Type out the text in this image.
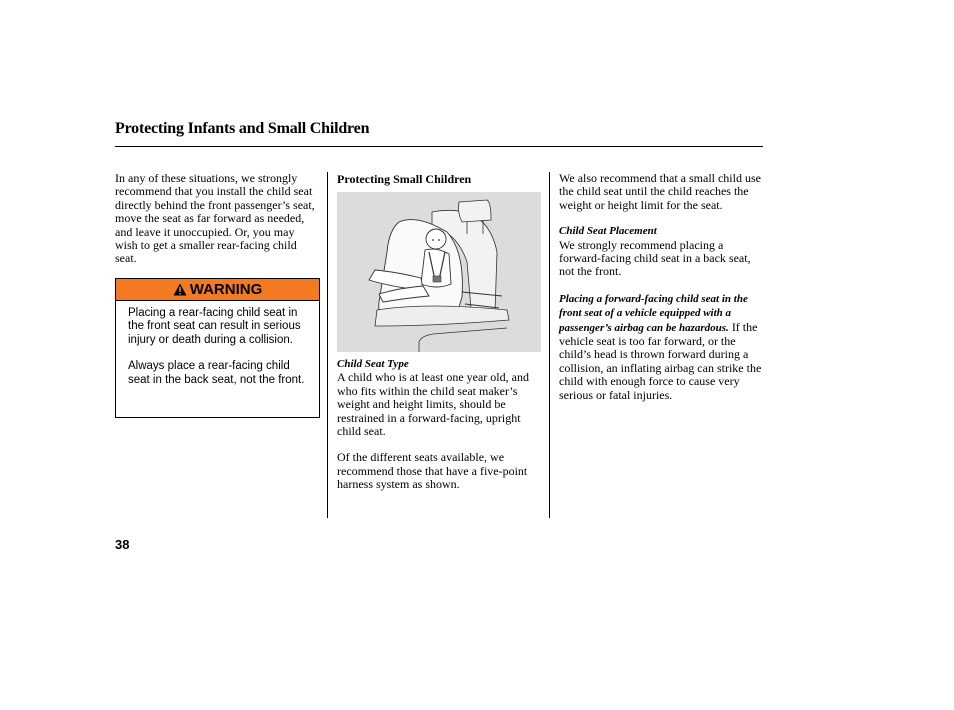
Protecting Infants and Small Children

In any of these situations, we strongly recommend that you install the child seat directly behind the front passenger’s seat, move the seat as far forward as needed, and leave it unoccupied. Or, you may wish to get a smaller rear-facing child seat.

WARNING

Placing a rear-facing child seat in the front seat can result in serious injury or death during a collision.

Always place a rear-facing child seat in the back seat, not the front.

Protecting Small Children

Child Seat Type

A child who is at least one year old, and who fits within the child seat maker’s weight and height limits, should be restrained in a forward-facing, upright child seat.

Of the different seats available, we recommend those that have a five-point harness system as shown.

We also recommend that a small child use the child seat until the child reaches the weight or height limit for the seat.

Child Seat Placement

We strongly recommend placing a forward-facing child seat in a back seat, not the front.

Placing a forward-facing child seat in the front seat of a vehicle equipped with a passenger’s airbag can be hazardous. If the vehicle seat is too far forward, or the child’s head is thrown forward during a collision, an inflating airbag can strike the child with enough force to cause very serious or fatal injuries.

38
